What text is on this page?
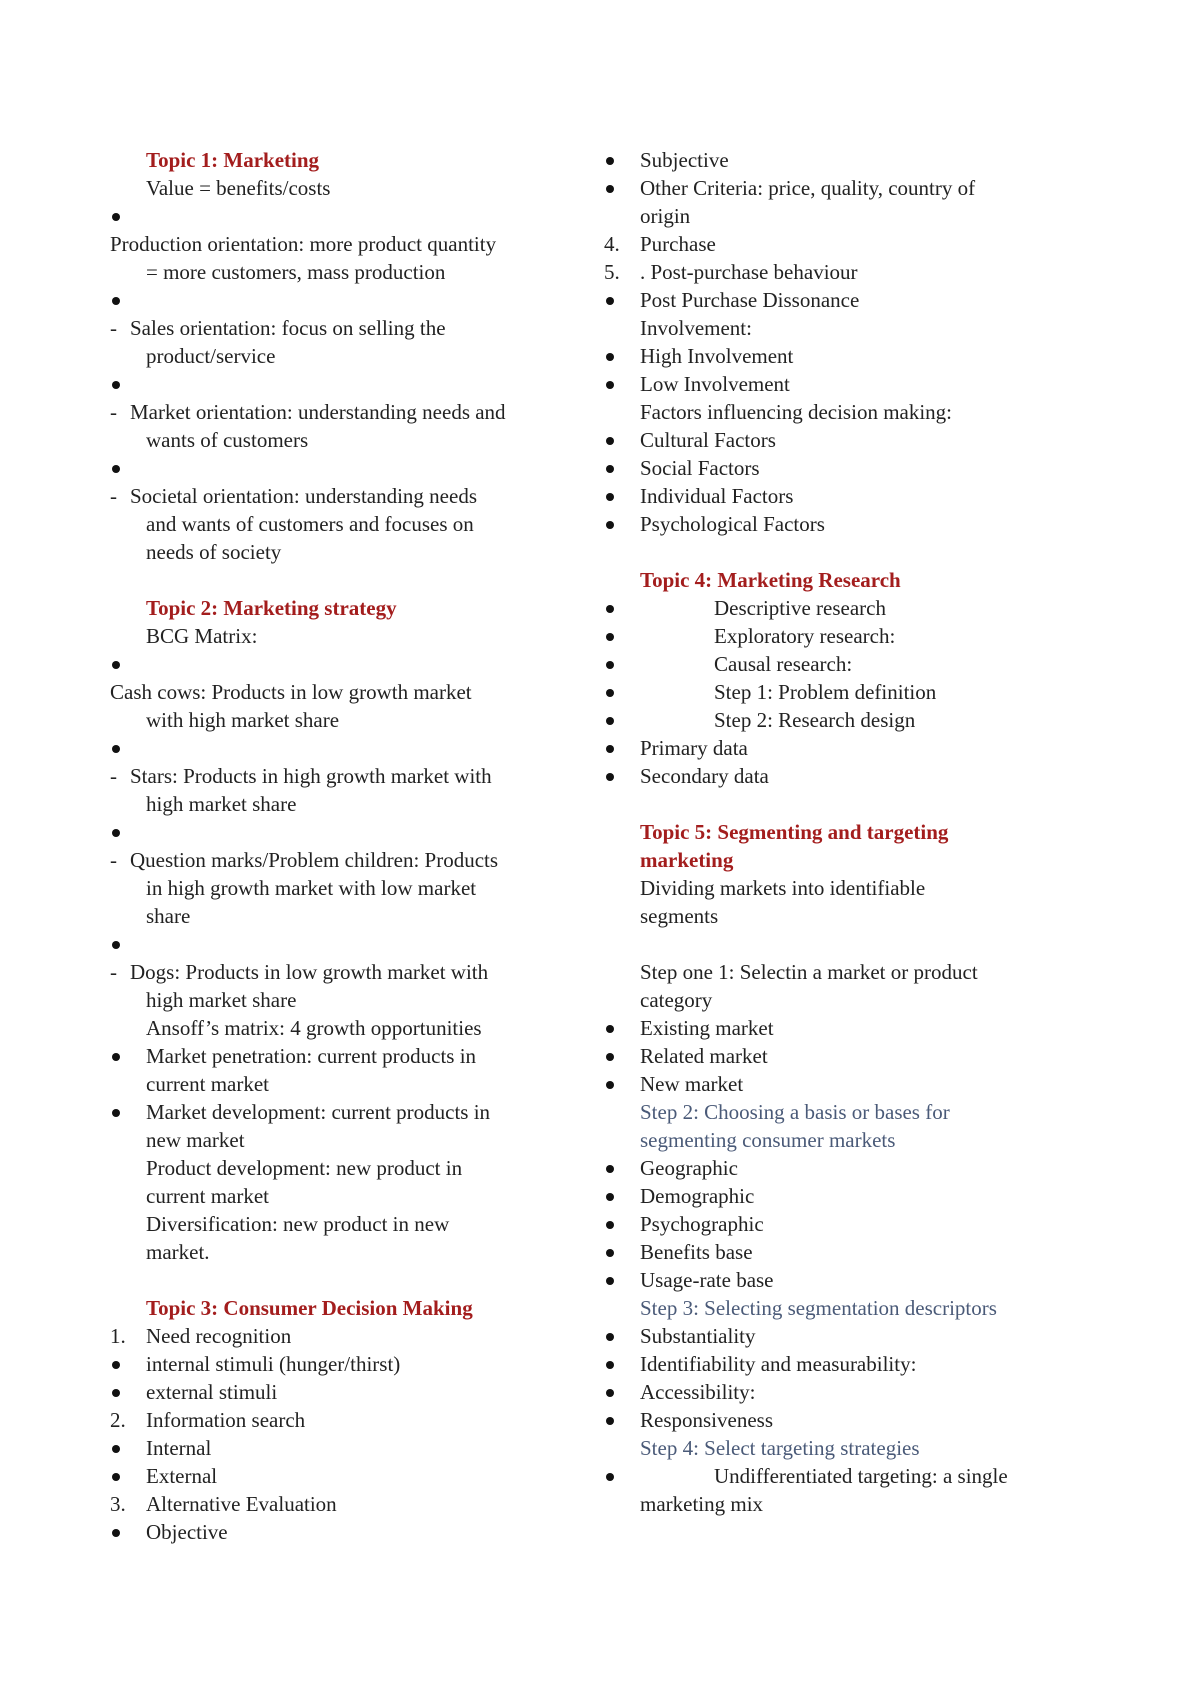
Topic 1: Marketing
Value = benefits/costs
Production orientation: more product quantity
= more customers, mass production
- Sales orientation: focus on selling the
product/service
- Market orientation: understanding needs and
wants of customers
- Societal orientation: understanding needs
and wants of customers and focuses on
needs of society
Topic 2: Marketing strategy
BCG Matrix:
Cash cows: Products in low growth market
with high market share
- Stars: Products in high growth market with
high market share
- Question marks/Problem children: Products
in high growth market with low market
share
- Dogs: Products in low growth market with
high market share
Ansoff’s matrix: 4 growth opportunities
Market penetration: current products in
current market
Market development: current products in
new market
Product development: new product in
current market
Diversification: new product in new
market.
Topic 3: Consumer Decision Making
1. Need recognition
internal stimuli (hunger/thirst)
external stimuli
2. Information search
Internal
External
3. Alternative Evaluation
Objective
Subjective
Other Criteria: price, quality, country of
origin
4. Purchase
5. . Post-purchase behaviour
Post Purchase Dissonance
Involvement:
High Involvement
Low Involvement
Factors influencing decision making:
Cultural Factors
Social Factors
Individual Factors
Psychological Factors
Topic 4: Marketing Research
Descriptive research
Exploratory research:
Causal research:
Step 1: Problem definition
Step 2: Research design
Primary data
Secondary data
Topic 5: Segmenting and targeting
marketing
Dividing markets into identifiable
segments
Step one 1: Selectin a market or product
category
Existing market
Related market
New market
Step 2: Choosing a basis or bases for
segmenting consumer markets
Geographic
Demographic
Psychographic
Benefits base
Usage-rate base
Step 3: Selecting segmentation descriptors
Substantiality
Identifiability and measurability:
Accessibility:
Responsiveness
Step 4: Select targeting strategies
Undifferentiated targeting: a single
marketing mix
